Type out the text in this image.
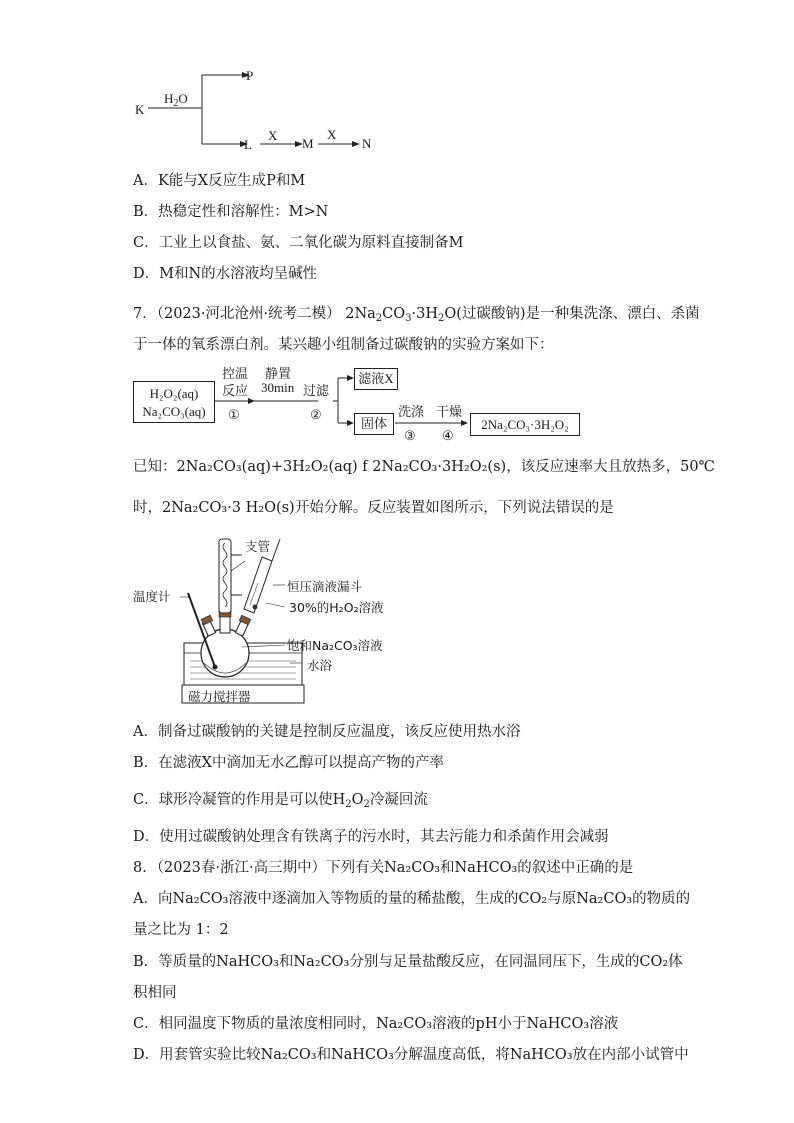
K
$H_2O$
P
L
X
M
X
N
A．K能与X反应生成P和M
B．热稳定性和溶解性：M>N
C．工业上以食盐、氨、二氧化碳为原料直接制备M
D．M和N的水溶液均呈碱性
7．（2023·河北沧州·统考二模） $2Na_2CO_3\cdot 3H_2O$(过碳酸钠)是一种集洗涤、漂白、杀菌
于一体的氧系漂白剂。某兴趣小组制备过碳酸钠的实验方案如下：
H₂O₂(aq)
Na₂CO₃(aq)
控温
反应
①
静置
30min
②
过滤
滤液X
固体
洗涤
③
干燥
④
2Na₂CO₃·3H₂O₂
已知：2Na₂CO₃(aq)+3H₂O₂(aq) f 2Na₂CO₃·3H₂O₂(s)，该反应速率大且放热多，50℃
时，2Na₂CO₃·3 H₂O(s)开始分解。反应装置如图所示，下列说法错误的是
支管
温度计
恒压滴液漏斗
30%的H₂O₂溶液
饱和Na₂CO₃溶液
水浴
磁力搅拌器
A．制备过碳酸钠的关键是控制反应温度，该反应使用热水浴
B．在滤液X中滴加无水乙醇可以提高产物的产率
C．球形冷凝管的作用是可以使$H_2O_2$冷凝回流
D．使用过碳酸钠处理含有铁离子的污水时，其去污能力和杀菌作用会减弱
8．（2023春·浙江·高三期中）下列有关Na₂CO₃和NaHCO₃的叙述中正确的是
A．向Na₂CO₃溶液中逐滴加入等物质的量的稀盐酸，生成的CO₂与原Na₂CO₃的物质的
量之比为 1：2
B．等质量的NaHCO₃和Na₂CO₃分别与足量盐酸反应，在同温同压下，生成的CO₂体
积相同
C．相同温度下物质的量浓度相同时，Na₂CO₃溶液的pH小于NaHCO₃溶液
D．用套管实验比较Na₂CO₃和NaHCO₃分解温度高低，将NaHCO₃放在内部小试管中
